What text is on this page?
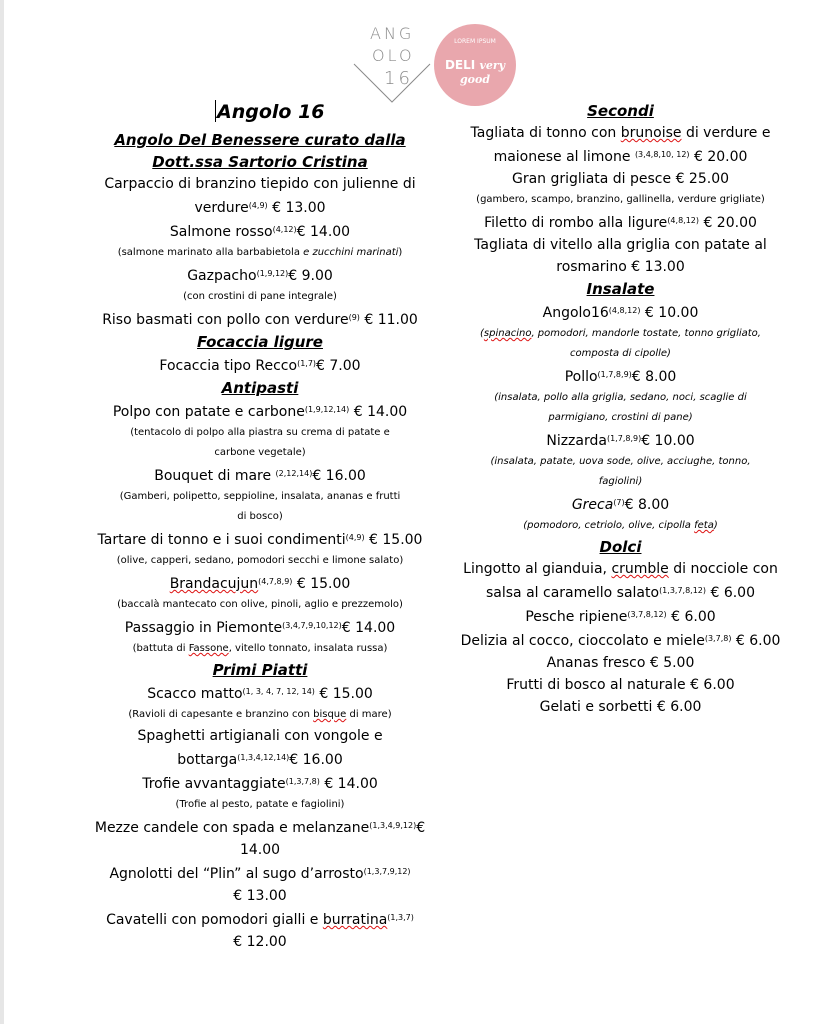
ANG
OLO
16
LOREM IPSUM
DELI very
good
Angolo 16
Angolo Del Benessere curato dalla
Dott.ssa Sartorio Cristina
Carpaccio di branzino tiepido con julienne di
verdure$^{(4,9)}$ € 13.00
Salmone rosso$^{(4,12)}$€ 14.00
(salmone marinato alla barbabietola e zucchini marinati)
Gazpacho$^{(1,9,12)}$€ 9.00
(con crostini di pane integrale)
Riso basmati con pollo con verdure$^{(9)}$ € 11.00
Focaccia ligure
Focaccia tipo Recco$^{(1,7)}$€ 7.00
Antipasti
Polpo con patate e carbone$^{(1,9,12,14)}$ € 14.00
(tentacolo di polpo alla piastra su crema di patate e
carbone vegetale)
Bouquet di mare $^{(2,12,14)}$€ 16.00
(Gamberi, polipetto, seppioline, insalata, ananas e frutti
di bosco)
Tartare di tonno e i suoi condimenti$^{(4,9)}$ € 15.00
(olive, capperi, sedano, pomodori secchi e limone salato)
Brandacujun$^{(4,7,8,9)}$ € 15.00
(baccalà mantecato con olive, pinoli, aglio e prezzemolo)
Passaggio in Piemonte$^{(3,4,7,9,10,12)}$€ 14.00
(battuta di Fassone, vitello tonnato, insalata russa)
Primi Piatti
Scacco matto$^{(1, 3, 4, 7, 12, 14)}$ € 15.00
(Ravioli di capesante e branzino con bisque di mare)
Spaghetti artigianali con vongole e
bottarga$^{(1,3,4,12,14)}$€ 16.00
Trofie avvantaggiate$^{(1,3,7,8)}$ € 14.00
(Trofie al pesto, patate e fagiolini)
Mezze candele con spada e melanzane$^{(1,3,4,9,12)}$€
14.00
Agnolotti del “Plin” al sugo d’arrosto$^{(1,3,7,9,12)}$
€ 13.00
Cavatelli con pomodori gialli e burratina$^{(1,3,7)}$
€ 12.00
Secondi
Tagliata di tonno con brunoise di verdure e
maionese al limone $^{(3,4,8,10, 12)}$ € 20.00
Gran grigliata di pesce € 25.00
(gambero, scampo, branzino, gallinella, verdure grigliate)
Filetto di rombo alla ligure$^{(4,8,12)}$ € 20.00
Tagliata di vitello alla griglia con patate al
rosmarino € 13.00
Insalate
Angolo16$^{(4,8,12)}$ € 10.00
(spinacino, pomodori, mandorle tostate, tonno grigliato,
composta di cipolle)
Pollo$^{(1,7,8,9)}$€ 8.00
(insalata, pollo alla griglia, sedano, noci, scaglie di
parmigiano, crostini di pane)
Nizzarda$^{(1,7,8,9)}$€ 10.00
(insalata, patate, uova sode, olive, acciughe, tonno,
fagiolini)
Greca$^{(7)}$€ 8.00
(pomodoro, cetriolo, olive, cipolla feta)
Dolci
Lingotto al gianduia, crumble di nocciole con
salsa al caramello salato$^{(1,3,7,8,12)}$ € 6.00
Pesche ripiene$^{(3,7,8,12)}$ € 6.00
Delizia al cocco, cioccolato e miele$^{(3,7,8)}$ € 6.00
Ananas fresco € 5.00
Frutti di bosco al naturale € 6.00
Gelati e sorbetti € 6.00
